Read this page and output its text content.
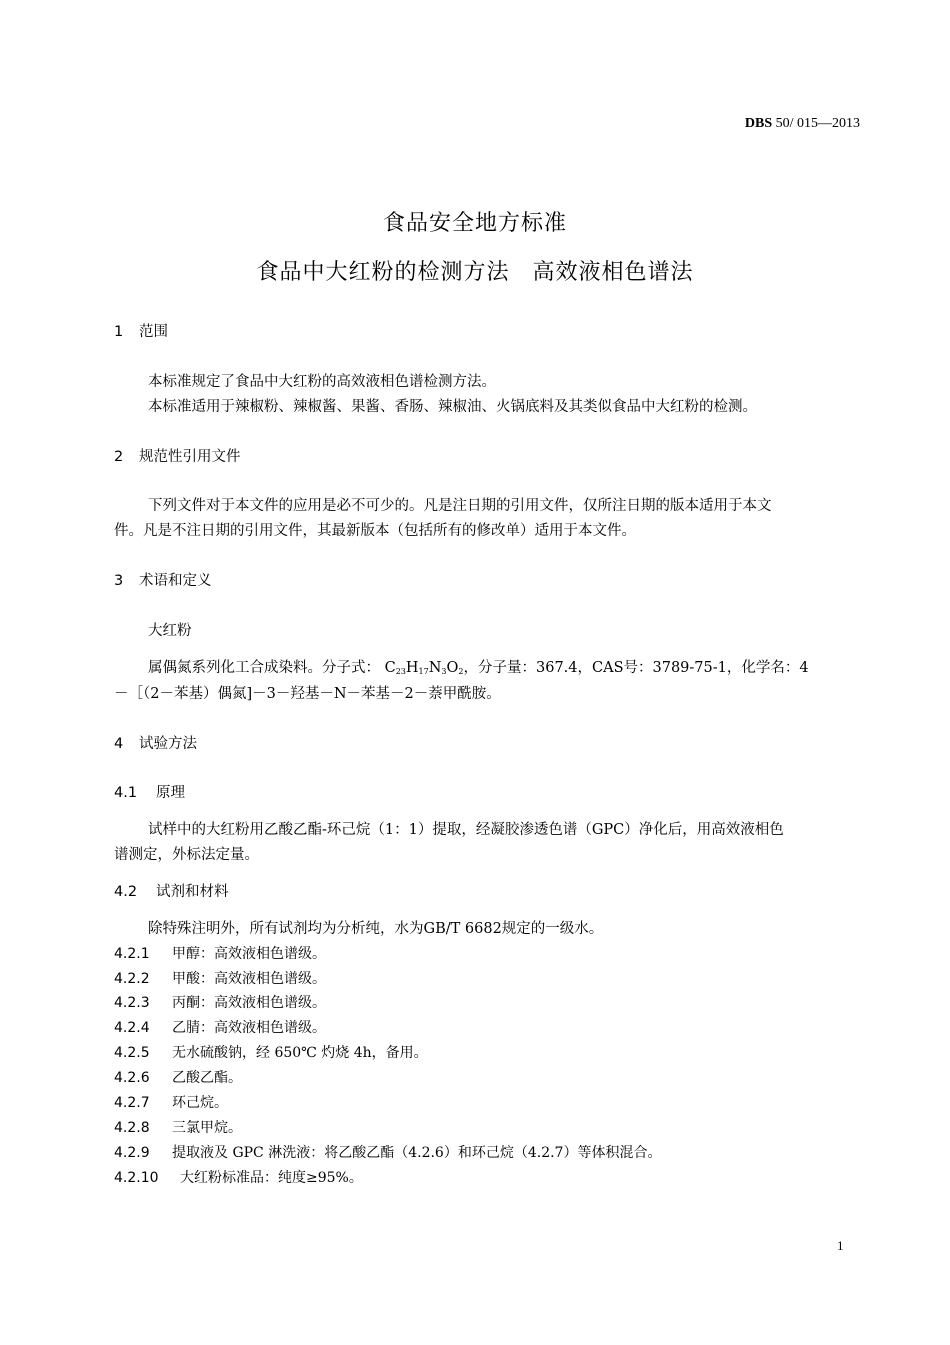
DBS 50/ 015—2013
食品安全地方标准
食品中大红粉的检测方法　高效液相色谱法
1 范围
本标准规定了食品中大红粉的高效液相色谱检测方法。
本标准适用于辣椒粉、辣椒酱、果酱、香肠、辣椒油、火锅底料及其类似食品中大红粉的检测。
2 规范性引用文件
下列文件对于本文件的应用是必不可少的。凡是注日期的引用文件，仅所注日期的版本适用于本文
件。凡是不注日期的引用文件，其最新版本（包括所有的修改单）适用于本文件。
3 术语和定义
大红粉
属偶氮系列化工合成染料。分子式： $C_{23}H_{17}N_3O_2$，分子量：367.4，CAS号：3789-75-1，化学名：4
－［（2－苯基）偶氮]－3－羟基－N－苯基－2－萘甲酰胺。
4 试验方法
4.1 原理
试样中的大红粉用乙酸乙酯-环己烷（1：1）提取，经凝胶渗透色谱（GPC）净化后，用高效液相色
谱测定，外标法定量。
4.2 试剂和材料
除特殊注明外，所有试剂均为分析纯，水为GB/T 6682规定的一级水。
4.2.1 甲醇：高效液相色谱级。
4.2.2 甲酸：高效液相色谱级。
4.2.3 丙酮：高效液相色谱级。
4.2.4 乙腈：高效液相色谱级。
4.2.5 无水硫酸钠，经 650℃ 灼烧 4h，备用。
4.2.6 乙酸乙酯。
4.2.7 环己烷。
4.2.8 三氯甲烷。
4.2.9 提取液及 GPC 淋洗液：将乙酸乙酯（4.2.6）和环己烷（4.2.7）等体积混合。
4.2.10 大红粉标准品：纯度≥95%。
1
